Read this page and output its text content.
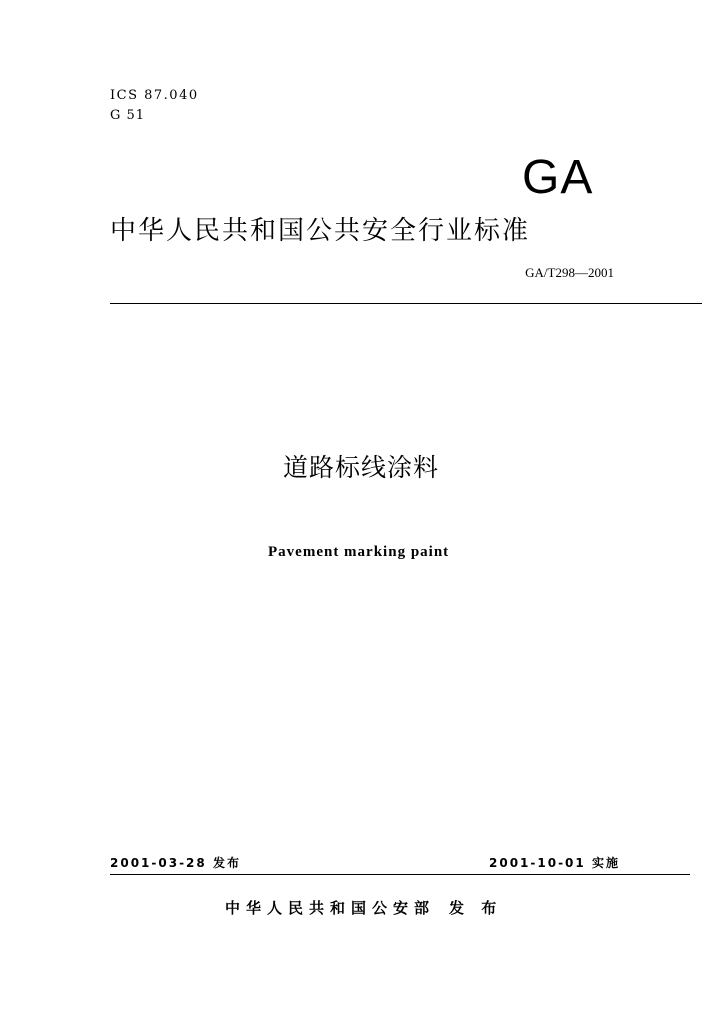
ICS 87.040
G 51
GA
中华人民共和国公共安全行业标准
GA/T298—2001
道路标线涂料
Pavement marking paint
2001-03-28 发布	2001-10-01 实施
中华人民共和国公安部 发 布
